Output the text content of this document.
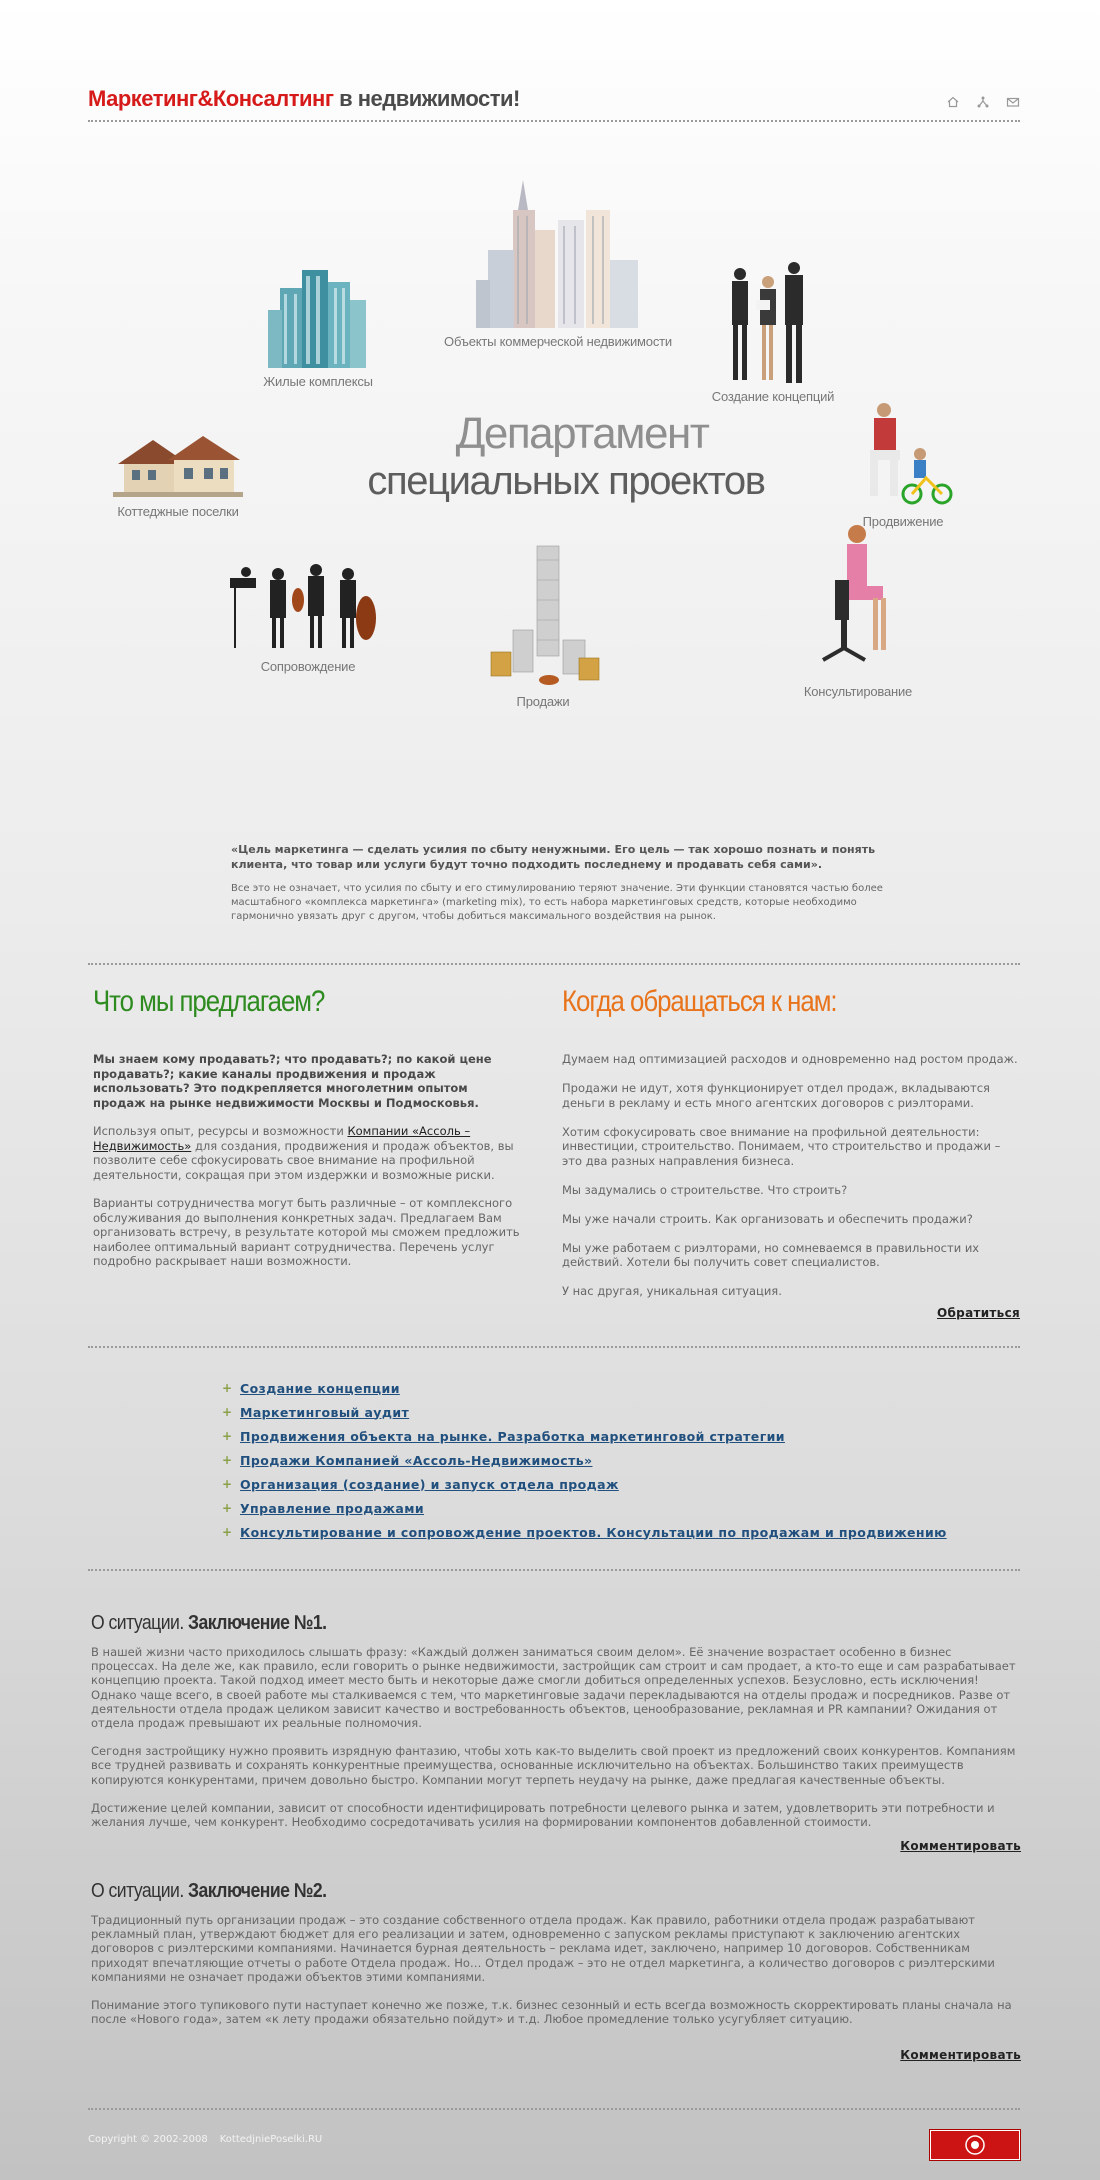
Маркетинг&Консалтинг в недвижимости!
Жилые комплексы
Объекты коммерческой недвижимости
Создание концепций
Коттеджные поселки
Продвижение
Департамент
специальных проектов
Сопровождение
Продажи
Консультирование
«Цель маркетинга — сделать усилия по сбыту ненужными. Его цель — так хорошо познать и понять клиента, что товар или услуги будут точно подходить последнему и продавать себя сами».
Все это не означает, что усилия по сбыту и его стимулированию теряют значение. Эти функции становятся частью более масштабного «комплекса маркетинга» (marketing mix), то есть набора маркетинговых средств, которые необходимо гармонично увязать друг с другом, чтобы добиться максимального воздействия на рынок.
Что мы предлагаем?

Мы знаем кому продавать?; что продавать?; по какой цене продавать?; какие каналы продвижения и продаж использовать? Это подкрепляется многолетним опытом продаж на рынке недвижимости Москвы и Подмосковья.

Используя опыт, ресурсы и возможности Компании «Ассоль – Недвижимость» для создания, продвижения и продаж объектов, вы позволите себе сфокусировать свое внимание на профильной деятельности, сокращая при этом издержки и возможные риски.

Варианты сотрудничества могут быть различные – от комплексного обслуживания до выполнения конкретных задач. Предлагаем Вам организовать встречу, в результате которой мы сможем предложить наиболее оптимальный вариант сотрудничества. Перечень услуг подробно раскрывает наши возможности.

Когда обращаться к нам:

Думаем над оптимизацией расходов и одновременно над ростом продаж.

Продажи не идут, хотя функционирует отдел продаж, вкладываются деньги в рекламу и есть много агентских договоров с риэлторами.

Хотим сфокусировать свое внимание на профильной деятельности: инвестиции, строительство. Понимаем, что строительство и продажи – это два разных направления бизнеса.

Мы задумались о строительстве. Что строить?

Мы уже начали строить. Как организовать и обеспечить продажи?

Мы уже работаем с риэлторами, но сомневаемся в правильности их действий. Хотели бы получить совет специалистов.

У нас другая, уникальная ситуация.

Обратиться
+ Создание концепции
+ Маркетинговый аудит
+ Продвижения объекта на рынке. Разработка маркетинговой стратегии
+ Продажи Компанией «Ассоль-Недвижимость»
+ Организация (создание) и запуск отдела продаж
+ Управление продажами
+ Консультирование и сопровождение проектов. Консультации по продажам и продвижению
О ситуации. Заключение №1.

В нашей жизни часто приходилось слышать фразу: «Каждый должен заниматься своим делом». Её значение возрастает особенно в бизнес процессах. На деле же, как правило, если говорить о рынке недвижимости, застройщик сам строит и сам продает, а кто-то еще и сам разрабатывает концепцию проекта. Такой подход имеет место быть и некоторые даже смогли добиться определенных успехов. Безусловно, есть исключения! Однако чаще всего, в своей работе мы сталкиваемся с тем, что маркетинговые задачи перекладываются на отделы продаж и посредников. Разве от деятельности отдела продаж целиком зависит качество и востребованность объектов, ценообразование, рекламная и PR кампании? Ожидания от отдела продаж превышают их реальные полномочия.

Сегодня застройщику нужно проявить изрядную фантазию, чтобы хоть как-то выделить свой проект из предложений своих конкурентов. Компаниям все трудней развивать и сохранять конкурентные преимущества, основанные исключительно на объектах. Большинство таких преимуществ копируются конкурентами, причем довольно быстро. Компании могут терпеть неудачу на рынке, даже предлагая качественные объекты.

Достижение целей компании, зависит от способности идентифицировать потребности целевого рынка и затем, удовлетворить эти потребности и желания лучше, чем конкурент. Необходимо сосредотачивать усилия на формировании компонентов добавленной стоимости.

Комментировать
О ситуации. Заключение №2.

Традиционный путь организации продаж – это создание собственного отдела продаж. Как правило, работники отдела продаж разрабатывают рекламный план, утверждают бюджет для его реализации и затем, одновременно с запуском рекламы приступают к заключению агентских договоров с риэлтерскими компаниями. Начинается бурная деятельность – реклама идет, заключено, например 10 договоров. Собственникам приходят впечатляющие отчеты о работе Отдела продаж. Но… Отдел продаж – это не отдел маркетинга, а количество договоров с риэлтерскими компаниями не означает продажи объектов этими компаниями.

Понимание этого тупикового пути наступает конечно же позже, т.к. бизнес сезонный и есть всегда возможность скорректировать планы сначала на после «Нового года», затем «к лету продажи обязательно пойдут» и т.д. Любое промедление только усугубляет ситуацию.

Комментировать
Copyright © 2002-2008 KottedjniePoselki.RU
